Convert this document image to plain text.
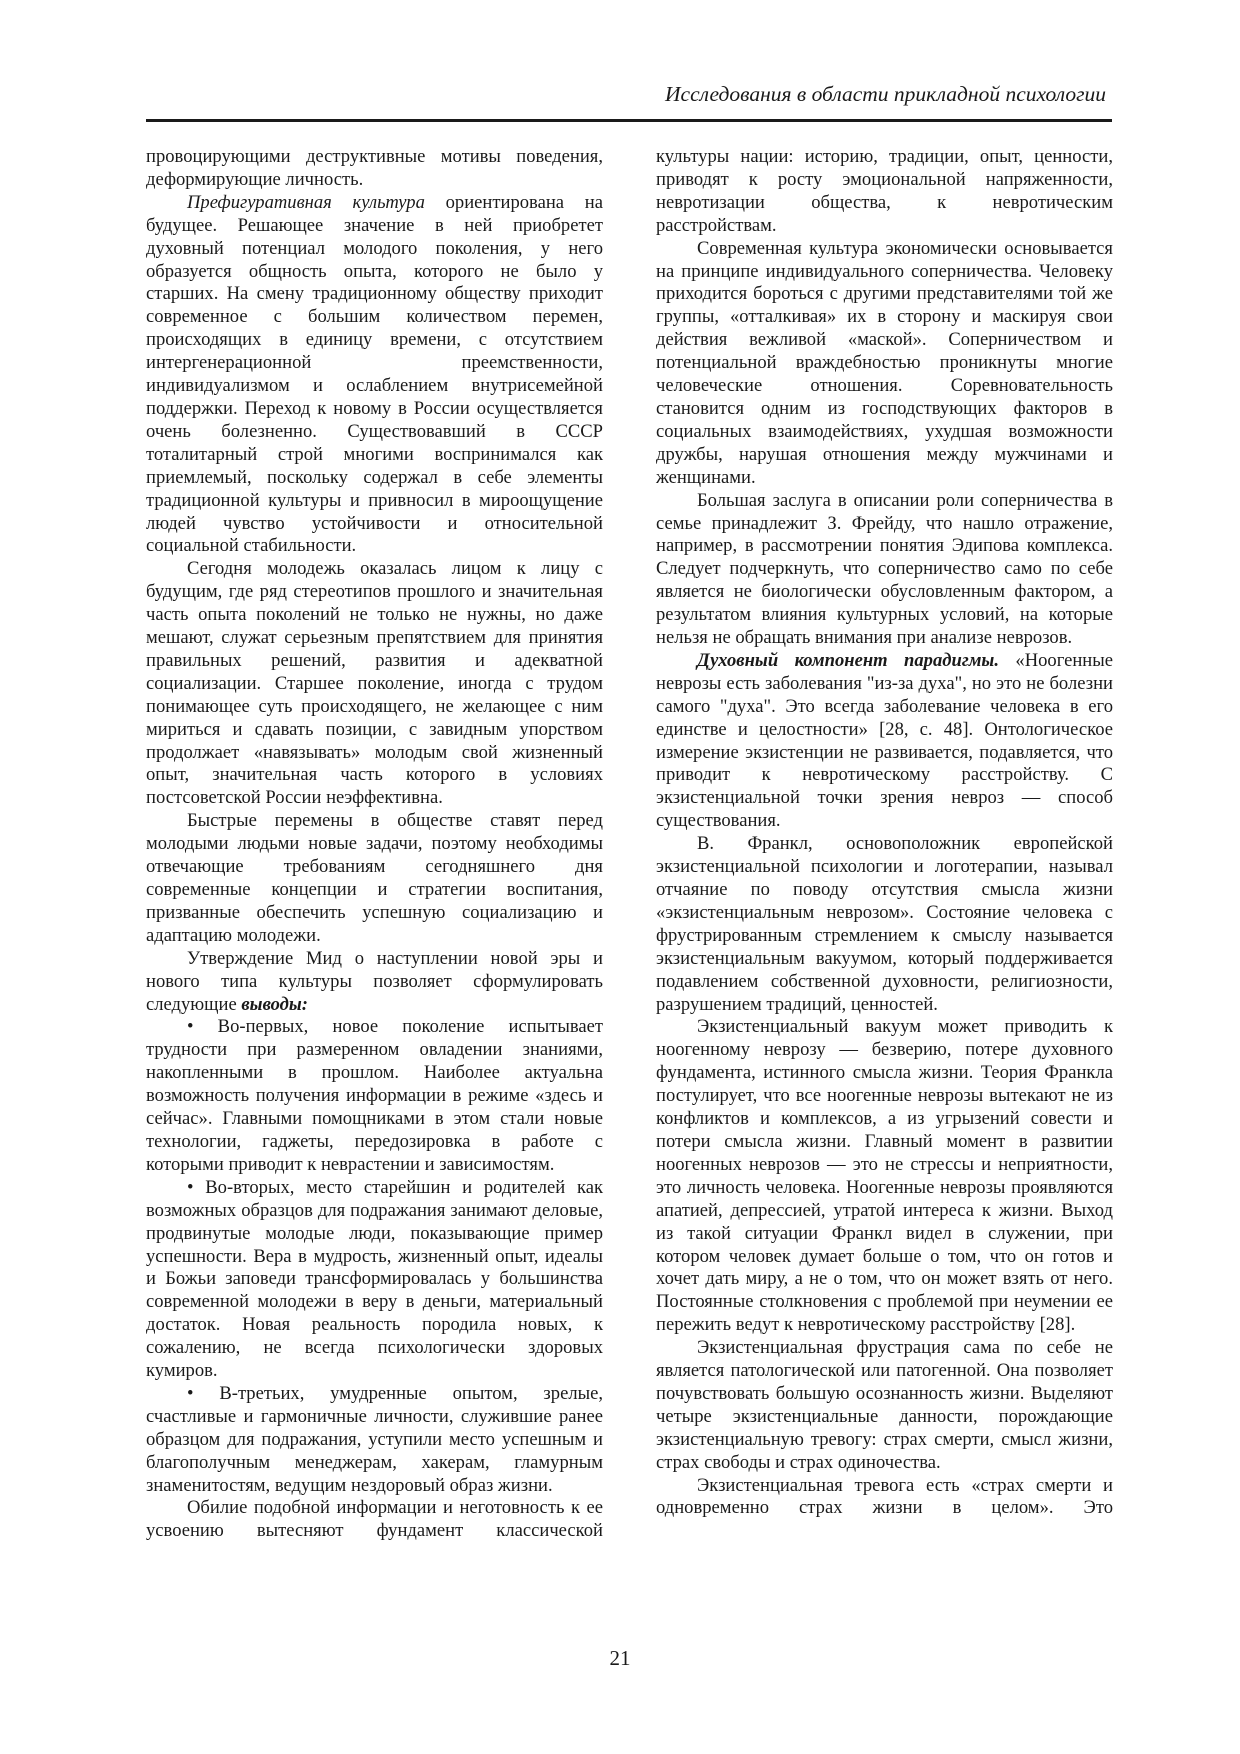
Исследования в области прикладной психологии

провоцирующими деструктивные мотивы поведения, деформирующие личность.

Префигуративная культура ориентирована на будущее. Решающее значение в ней приобретет духовный потенциал молодого поколения, у него образуется общность опыта, которого не было у старших. На смену традиционному обществу приходит современное с большим количеством перемен, происходящих в единицу времени, с отсутствием интергенерационной преемственности, индивидуализмом и ослаблением внутрисемейной поддержки. Переход к новому в России осуществляется очень болезненно. Существовавший в СССР тоталитарный строй многими воспринимался как приемлемый, поскольку содержал в себе элементы традиционной культуры и привносил в мироощущение людей чувство устойчивости и относительной социальной стабильности.

Сегодня молодежь оказалась лицом к лицу с будущим, где ряд стереотипов прошлого и значительная часть опыта поколений не только не нужны, но даже мешают, служат серьезным препятствием для принятия правильных решений, развития и адекватной социализации. Старшее поколение, иногда с трудом понимающее суть происходящего, не желающее с ним мириться и сдавать позиции, с завидным упорством продолжает «навязывать» молодым свой жизненный опыт, значительная часть которого в условиях постсоветской России неэффективна.

Быстрые перемены в обществе ставят перед молодыми людьми новые задачи, поэтому необходимы отвечающие требованиям сегодняшнего дня современные концепции и стратегии воспитания, призванные обеспечить успешную социализацию и адаптацию молодежи.

Утверждение Мид о наступлении новой эры и нового типа культуры позволяет сформулировать следующие выводы:

• Во-первых, новое поколение испытывает трудности при размеренном овладении знаниями, накопленными в прошлом. Наиболее актуальна возможность получения информации в режиме «здесь и сейчас». Главными помощниками в этом стали новые технологии, гаджеты, передозировка в работе с которыми приводит к неврастении и зависимостям.

• Во-вторых, место старейшин и родителей как возможных образцов для подражания занимают деловые, продвинутые молодые люди, показывающие пример успешности. Вера в мудрость, жизненный опыт, идеалы и Божьи заповеди трансформировалась у большинства современной молодежи в веру в деньги, материальный достаток. Новая реальность породила новых, к сожалению, не всегда психологически здоровых кумиров.

• В-третьих, умудренные опытом, зрелые, счастливые и гармоничные личности, служившие ранее образцом для подражания, уступили место успешным и благополучным менеджерам, хакерам, гламурным знаменитостям, ведущим нездоровый образ жизни.

Обилие подобной информации и неготовность к ее усвоению вытесняют фундамент классической

культуры нации: историю, традиции, опыт, ценности, приводят к росту эмоциональной напряженности, невротизации общества, к невротическим расстройствам.

Современная культура экономически основывается на принципе индивидуального соперничества. Человеку приходится бороться с другими представителями той же группы, «отталкивая» их в сторону и маскируя свои действия вежливой «маской». Соперничеством и потенциальной враждебностью проникнуты многие человеческие отношения. Соревновательность становится одним из господствующих факторов в социальных взаимодействиях, ухудшая возможности дружбы, нарушая отношения между мужчинами и женщинами.

Большая заслуга в описании роли соперничества в семье принадлежит З. Фрейду, что нашло отражение, например, в рассмотрении понятия Эдипова комплекса. Следует подчеркнуть, что соперничество само по себе является не биологически обусловленным фактором, а результатом влияния культурных условий, на которые нельзя не обращать внимания при анализе неврозов.

Духовный компонент парадигмы. «Ноогенные неврозы есть заболевания "из-за духа", но это не болезни самого "духа". Это всегда заболевание человека в его единстве и целостности» [28, с. 48]. Онтологическое измерение экзистенции не развивается, подавляется, что приводит к невротическому расстройству. С экзистенциальной точки зрения невроз — способ существования.

В. Франкл, основоположник европейской экзистенциальной психологии и логотерапии, называл отчаяние по поводу отсутствия смысла жизни «экзистенциальным неврозом». Состояние человека с фрустрированным стремлением к смыслу называется экзистенциальным вакуумом, который поддерживается подавлением собственной духовности, религиозности, разрушением традиций, ценностей.

Экзистенциальный вакуум может приводить к ноогенному неврозу — безверию, потере духовного фундамента, истинного смысла жизни. Теория Франкла постулирует, что все ноогенные неврозы вытекают не из конфликтов и комплексов, а из угрызений совести и потери смысла жизни. Главный момент в развитии ноогенных неврозов — это не стрессы и неприятности, это личность человека. Ноогенные неврозы проявляются апатией, депрессией, утратой интереса к жизни. Выход из такой ситуации Франкл видел в служении, при котором человек думает больше о том, что он готов и хочет дать миру, а не о том, что он может взять от него. Постоянные столкновения с проблемой при неумении ее пережить ведут к невротическому расстройству [28].

Экзистенциальная фрустрация сама по себе не является патологической или патогенной. Она позволяет почувствовать большую осознанность жизни. Выделяют четыре экзистенциальные данности, порождающие экзистенциальную тревогу: страх смерти, смысл жизни, страх свободы и страх одиночества.

Экзистенциальная тревога есть «страх смерти и одновременно страх жизни в целом». Это

21
